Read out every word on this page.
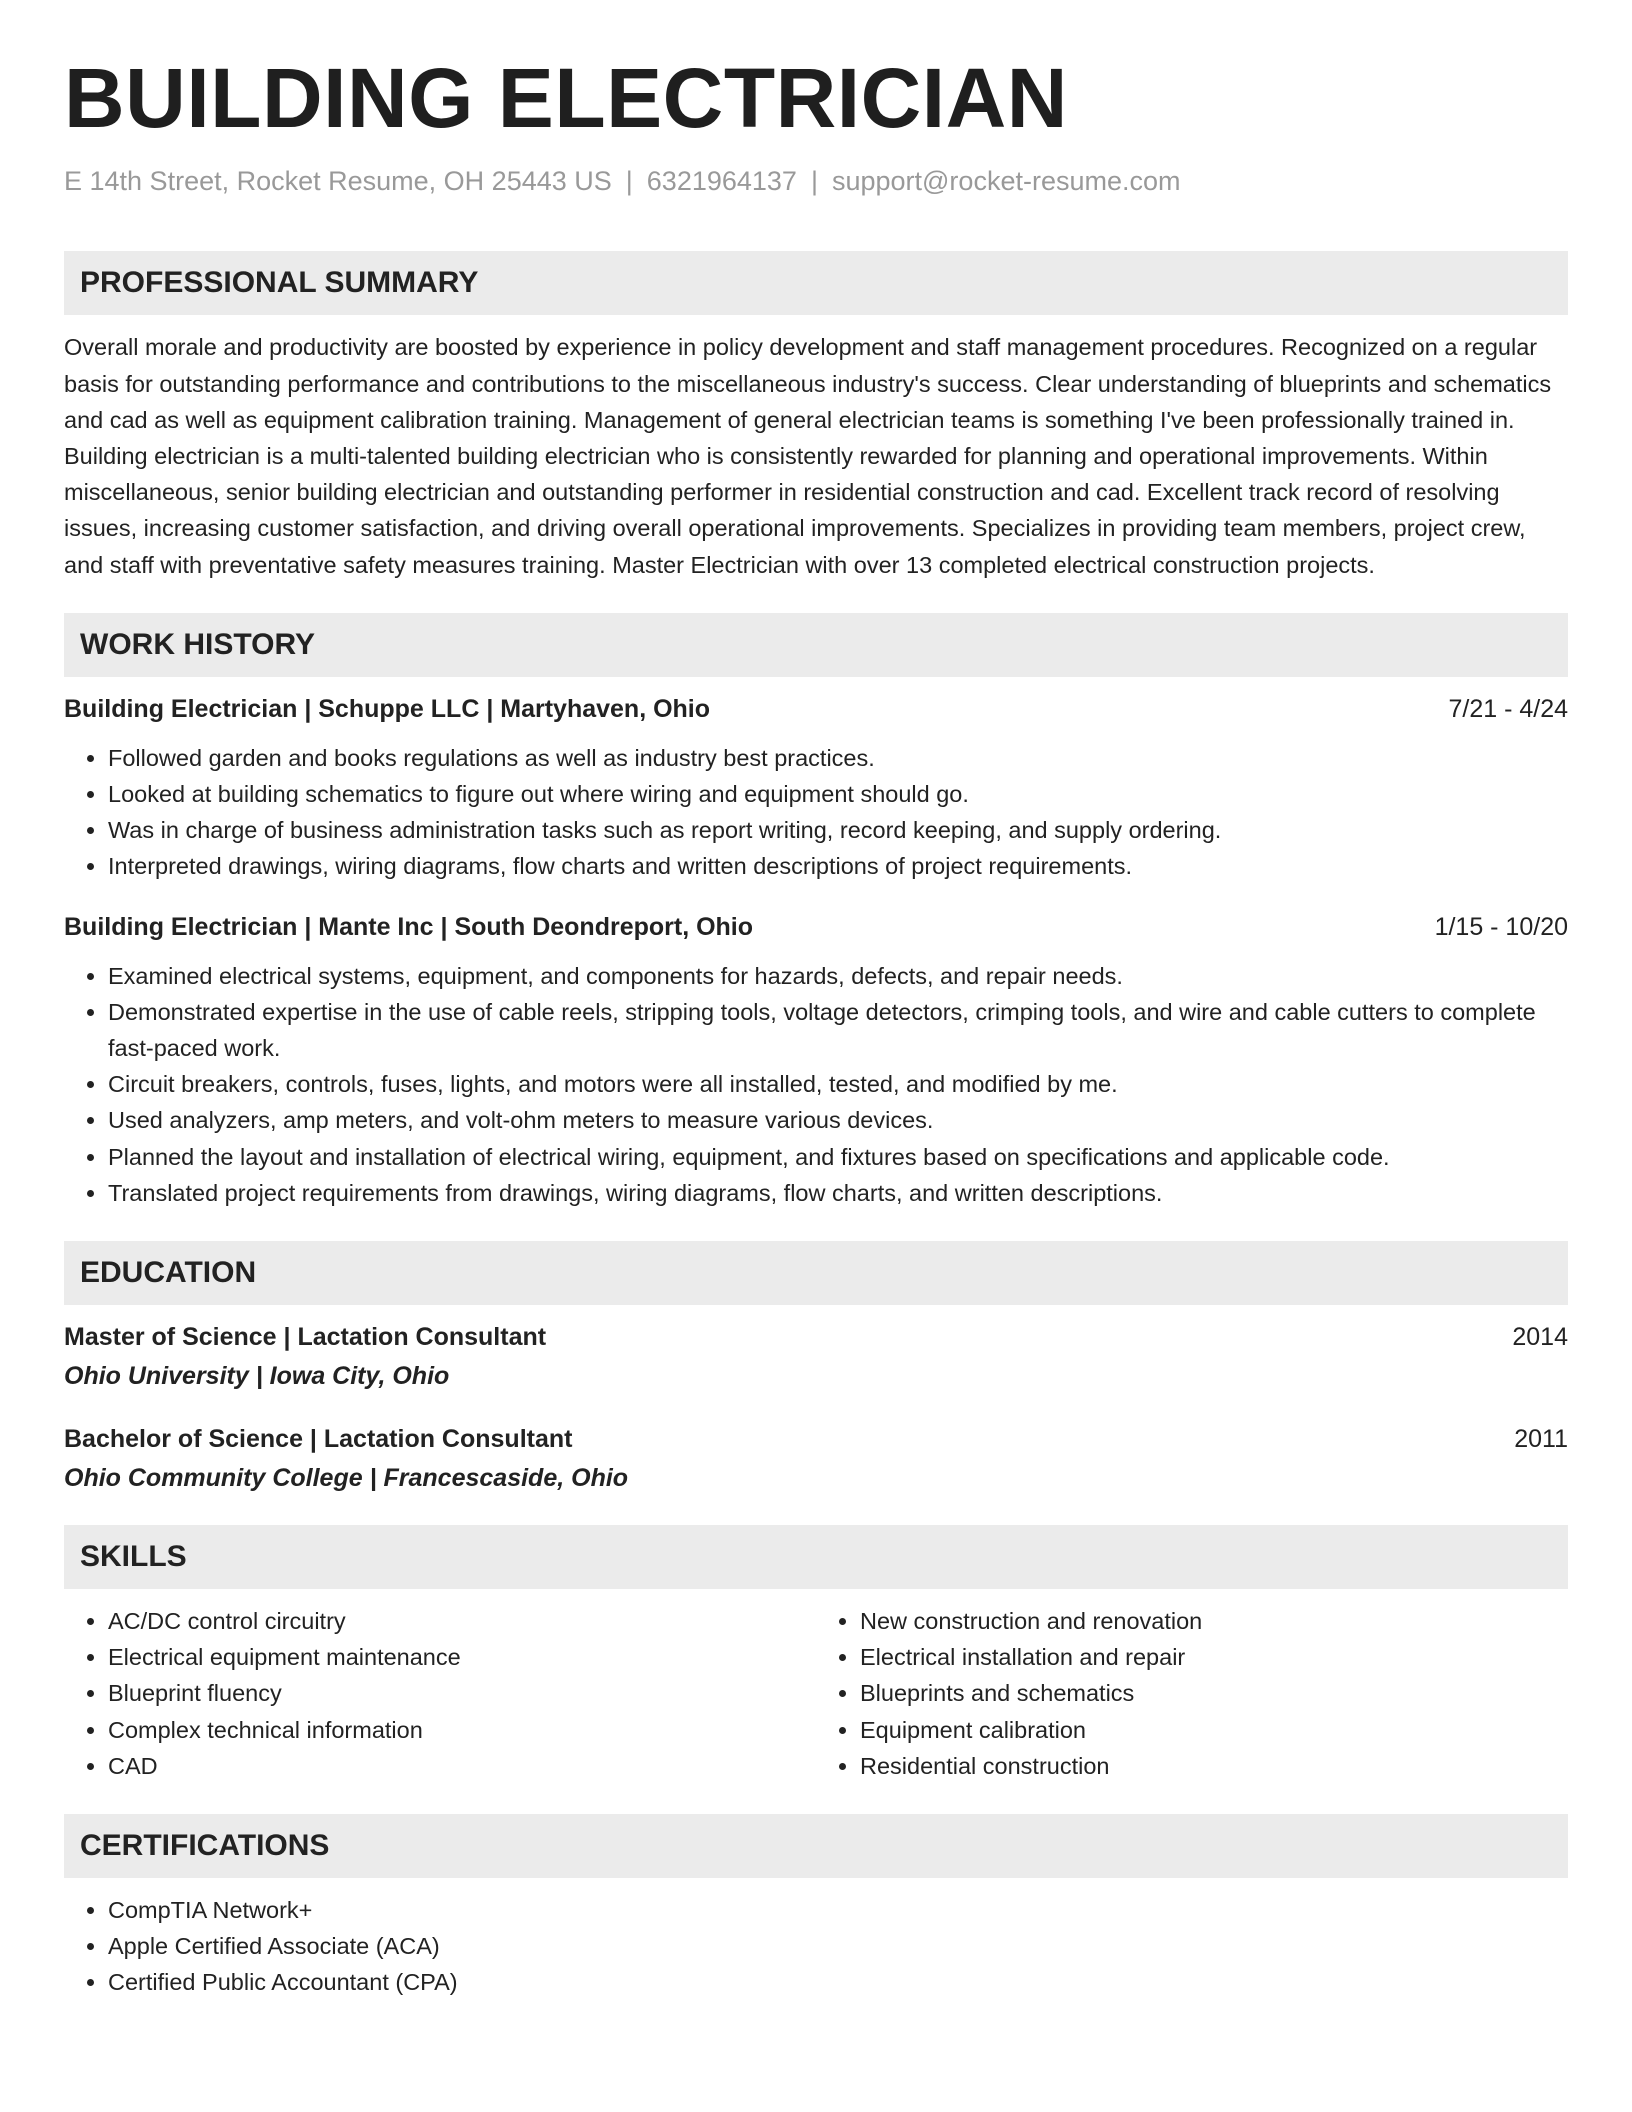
BUILDING ELECTRICIAN
E 14th Street, Rocket Resume, OH 25443 US | 6321964137 | support@rocket-resume.com
PROFESSIONAL SUMMARY
Overall morale and productivity are boosted by experience in policy development and staff management procedures. Recognized on a regular basis for outstanding performance and contributions to the miscellaneous industry's success. Clear understanding of blueprints and schematics and cad as well as equipment calibration training. Management of general electrician teams is something I've been professionally trained in. Building electrician is a multi-talented building electrician who is consistently rewarded for planning and operational improvements. Within miscellaneous, senior building electrician and outstanding performer in residential construction and cad. Excellent track record of resolving issues, increasing customer satisfaction, and driving overall operational improvements. Specializes in providing team members, project crew, and staff with preventative safety measures training. Master Electrician with over 13 completed electrical construction projects.
WORK HISTORY
Building Electrician | Schuppe LLC | Martyhaven, Ohio	7/21 - 4/24
• Followed garden and books regulations as well as industry best practices.
• Looked at building schematics to figure out where wiring and equipment should go.
• Was in charge of business administration tasks such as report writing, record keeping, and supply ordering.
• Interpreted drawings, wiring diagrams, flow charts and written descriptions of project requirements.
Building Electrician | Mante Inc | South Deondreport, Ohio	1/15 - 10/20
• Examined electrical systems, equipment, and components for hazards, defects, and repair needs.
• Demonstrated expertise in the use of cable reels, stripping tools, voltage detectors, crimping tools, and wire and cable cutters to complete fast-paced work.
• Circuit breakers, controls, fuses, lights, and motors were all installed, tested, and modified by me.
• Used analyzers, amp meters, and volt-ohm meters to measure various devices.
• Planned the layout and installation of electrical wiring, equipment, and fixtures based on specifications and applicable code.
• Translated project requirements from drawings, wiring diagrams, flow charts, and written descriptions.
EDUCATION
Master of Science | Lactation Consultant	2014
Ohio University | Iowa City, Ohio
Bachelor of Science | Lactation Consultant	2011
Ohio Community College | Francescaside, Ohio
SKILLS
• AC/DC control circuitry
• Electrical equipment maintenance
• Blueprint fluency
• Complex technical information
• CAD
• New construction and renovation
• Electrical installation and repair
• Blueprints and schematics
• Equipment calibration
• Residential construction
CERTIFICATIONS
• CompTIA Network+
• Apple Certified Associate (ACA)
• Certified Public Accountant (CPA)
